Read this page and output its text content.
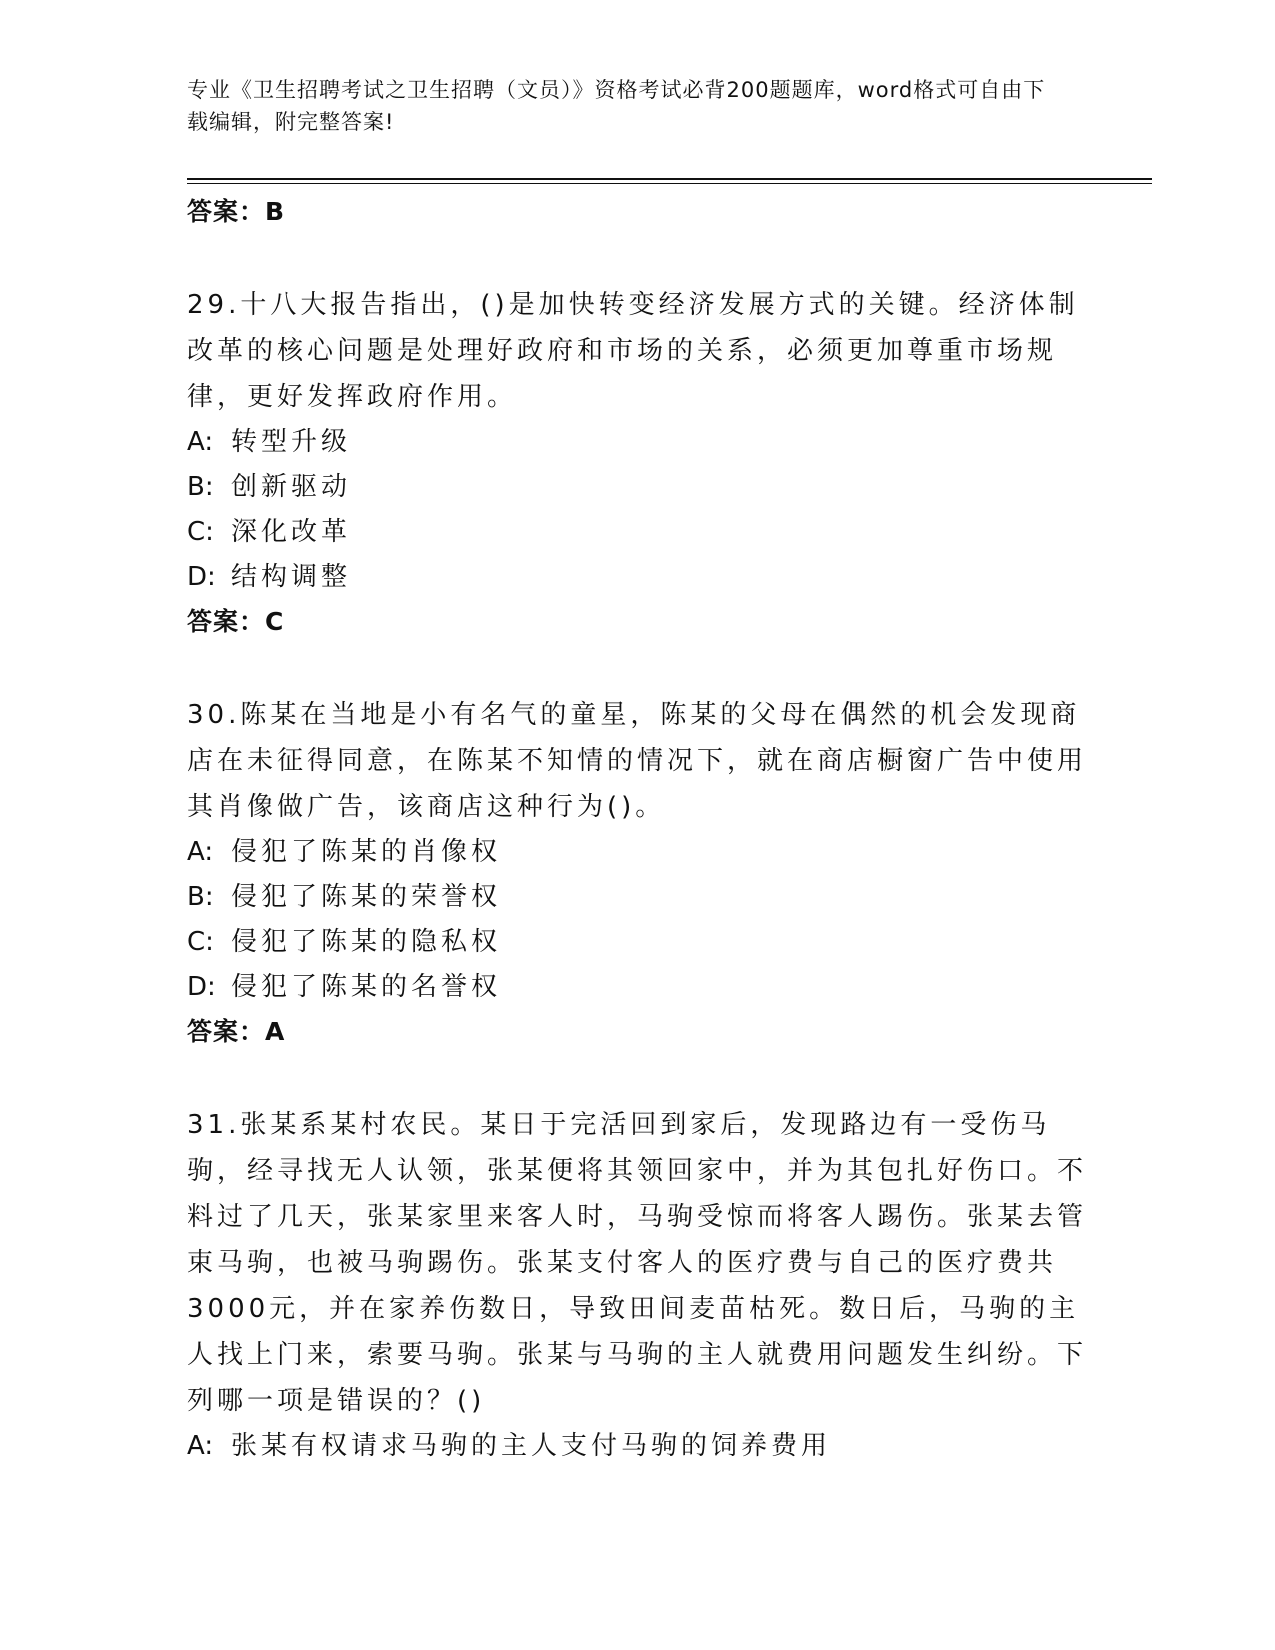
专业《卫生招聘考试之卫生招聘（文员）》资格考试必背200题题库，word格式可自由下载编辑，附完整答案!
答案：B

29.十八大报告指出，()是加快转变经济发展方式的关键。经济体制改革的核心问题是处理好政府和市场的关系，必须更加尊重市场规律，更好发挥政府作用。

A: 转型升级
B: 创新驱动
C: 深化改革
D: 结构调整
答案：C

30.陈某在当地是小有名气的童星，陈某的父母在偶然的机会发现商店在未征得同意，在陈某不知情的情况下，就在商店橱窗广告中使用其肖像做广告，该商店这种行为()。

A: 侵犯了陈某的肖像权
B: 侵犯了陈某的荣誉权
C: 侵犯了陈某的隐私权
D: 侵犯了陈某的名誉权
答案：A

31.张某系某村农民。某日于完活回到家后，发现路边有一受伤马驹，经寻找无人认领，张某便将其领回家中，并为其包扎好伤口。不料过了几天，张某家里来客人时，马驹受惊而将客人踢伤。张某去管束马驹，也被马驹踢伤。张某支付客人的医疗费与自己的医疗费共3000元，并在家养伤数日，导致田间麦苗枯死。数日后，马驹的主人找上门来，索要马驹。张某与马驹的主人就费用问题发生纠纷。下列哪一项是错误的？()

A: 张某有权请求马驹的主人支付马驹的饲养费用
